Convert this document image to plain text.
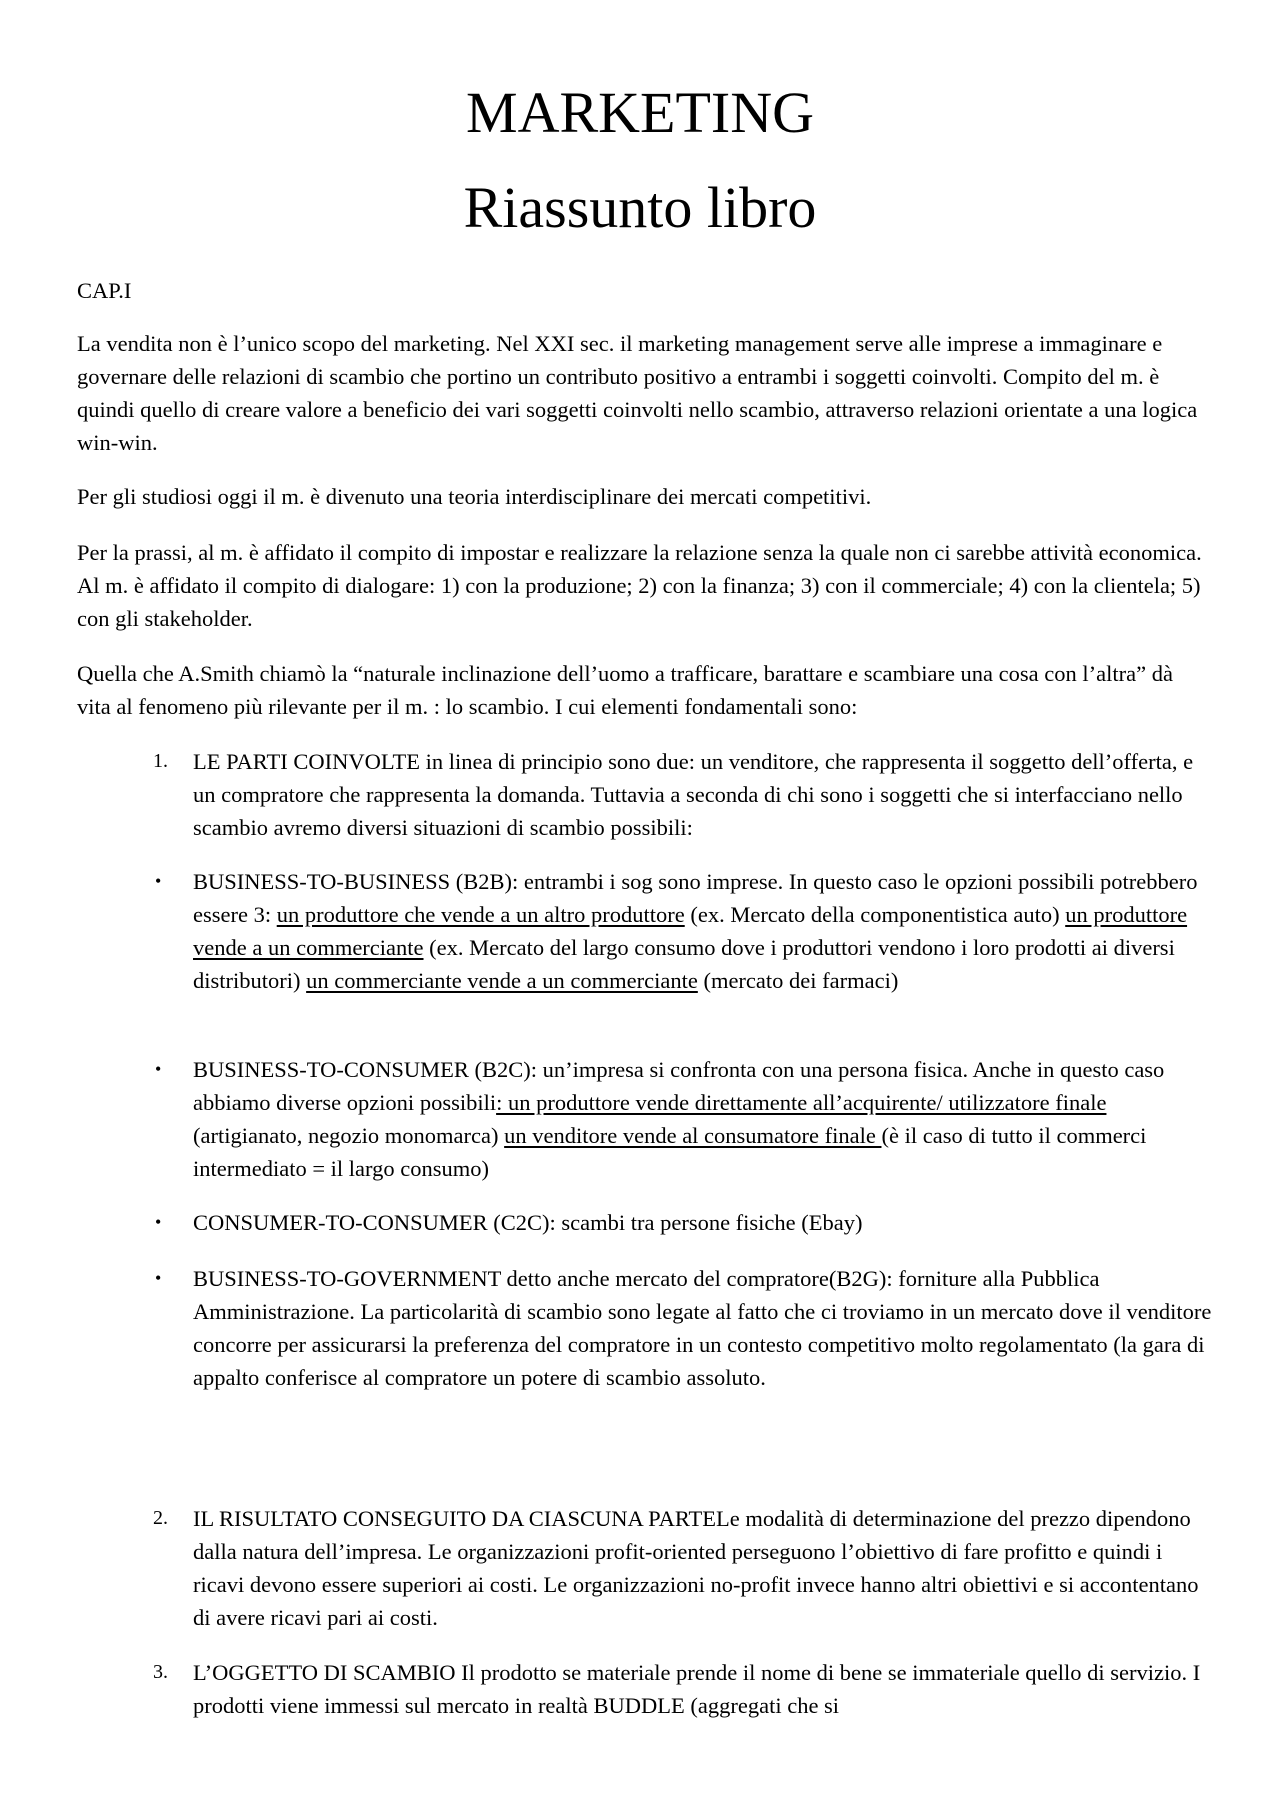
MARKETING
Riassunto libro
CAP.I
La vendita non è l’unico scopo del marketing. Nel XXI sec. il marketing management serve alle imprese a immaginare e governare delle relazioni di scambio che portino un contributo positivo a entrambi i soggetti coinvolti. Compito del m. è quindi quello di creare valore a beneficio dei vari soggetti coinvolti nello scambio, attraverso relazioni orientate a una logica win-win.
Per gli studiosi oggi il m. è divenuto una teoria interdisciplinare dei mercati competitivi.
Per la prassi, al m. è affidato il compito di impostar e realizzare la relazione senza la quale non ci sarebbe attività economica. Al m. è affidato il compito di dialogare: 1) con la produzione; 2) con la finanza; 3) con il commerciale; 4) con la clientela; 5) con gli stakeholder.
Quella che A.Smith chiamò la “naturale inclinazione dell’uomo a trafficare, barattare e scambiare una cosa con l’altra” dà vita al fenomeno più rilevante per il m. : lo scambio. I cui elementi fondamentali sono:
1. LE PARTI COINVOLTE in linea di principio sono due: un venditore, che rappresenta il soggetto dell’offerta, e un compratore che rappresenta la domanda. Tuttavia a seconda di chi sono i soggetti che si interfacciano nello scambio avremo diversi situazioni di scambio possibili:
• BUSINESS-TO-BUSINESS (B2B): entrambi i sog sono imprese. In questo caso le opzioni possibili potrebbero essere 3: un produttore che vende a un altro produttore (ex. Mercato della componentistica auto) un produttore vende a un commerciante (ex. Mercato del largo consumo dove i produttori vendono i loro prodotti ai diversi distributori) un commerciante vende a un commerciante (mercato dei farmaci)
• BUSINESS-TO-CONSUMER (B2C): un’impresa si confronta con una persona fisica. Anche in questo caso abbiamo diverse opzioni possibili: un produttore vende direttamente all’acquirente/ utilizzatore finale (artigianato, negozio monomarca) un venditore vende al consumatore finale (è il caso di tutto il commerci intermediato = il largo consumo)
• CONSUMER-TO-CONSUMER (C2C): scambi tra persone fisiche (Ebay)
• BUSINESS-TO-GOVERNMENT detto anche mercato del compratore(B2G): forniture alla Pubblica Amministrazione. La particolarità di scambio sono legate al fatto che ci troviamo in un mercato dove il venditore concorre per assicurarsi la preferenza del compratore in un contesto competitivo molto regolamentato (la gara di appalto conferisce al compratore un potere di scambio assoluto.
2. IL RISULTATO CONSEGUITO DA CIASCUNA PARTELe modalità di determinazione del prezzo dipendono dalla natura dell’impresa. Le organizzazioni profit-oriented perseguono l’obiettivo di fare profitto e quindi i ricavi devono essere superiori ai costi. Le organizzazioni no-profit invece hanno altri obiettivi e si accontentano di avere ricavi pari ai costi.
3. L’OGGETTO DI SCAMBIO Il prodotto se materiale prende il nome di bene se immateriale quello di servizio. I prodotti viene immessi sul mercato in realtà BUDDLE (aggregati che si
